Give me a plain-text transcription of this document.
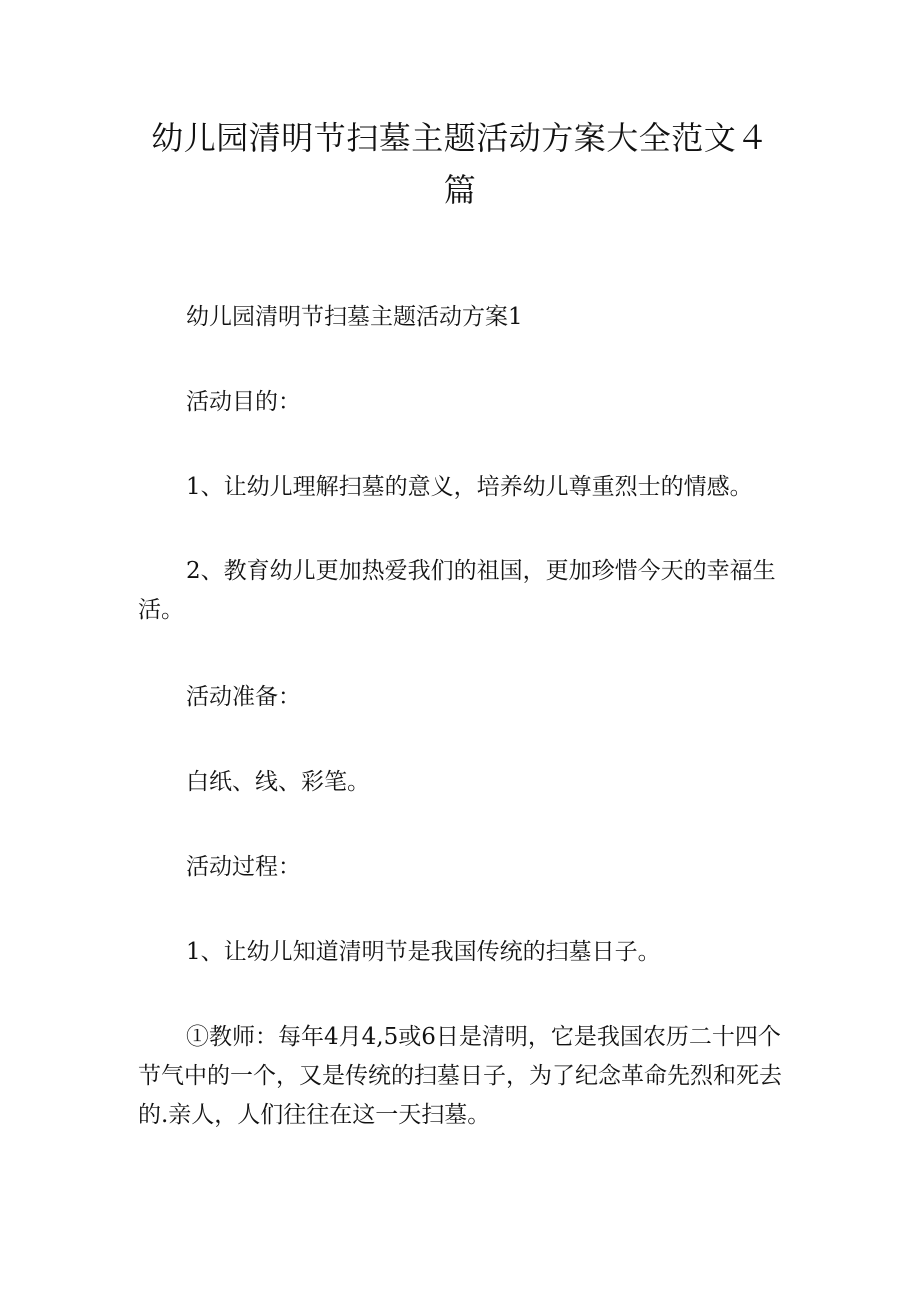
幼儿园清明节扫墓主题活动方案大全范文４篇

幼儿园清明节扫墓主题活动方案1

活动目的：

1、让幼儿理解扫墓的意义，培养幼儿尊重烈士的情感。

2、教育幼儿更加热爱我们的祖国，更加珍惜今天的幸福生活。

活动准备：

白纸、线、彩笔。

活动过程：

1、让幼儿知道清明节是我国传统的扫墓日子。

①教师：每年4月4,5或6日是清明，它是我国农历二十四个节气中的一个，又是传统的扫墓日子，为了纪念革命先烈和死去的.亲人，人们往往在这一天扫墓。
